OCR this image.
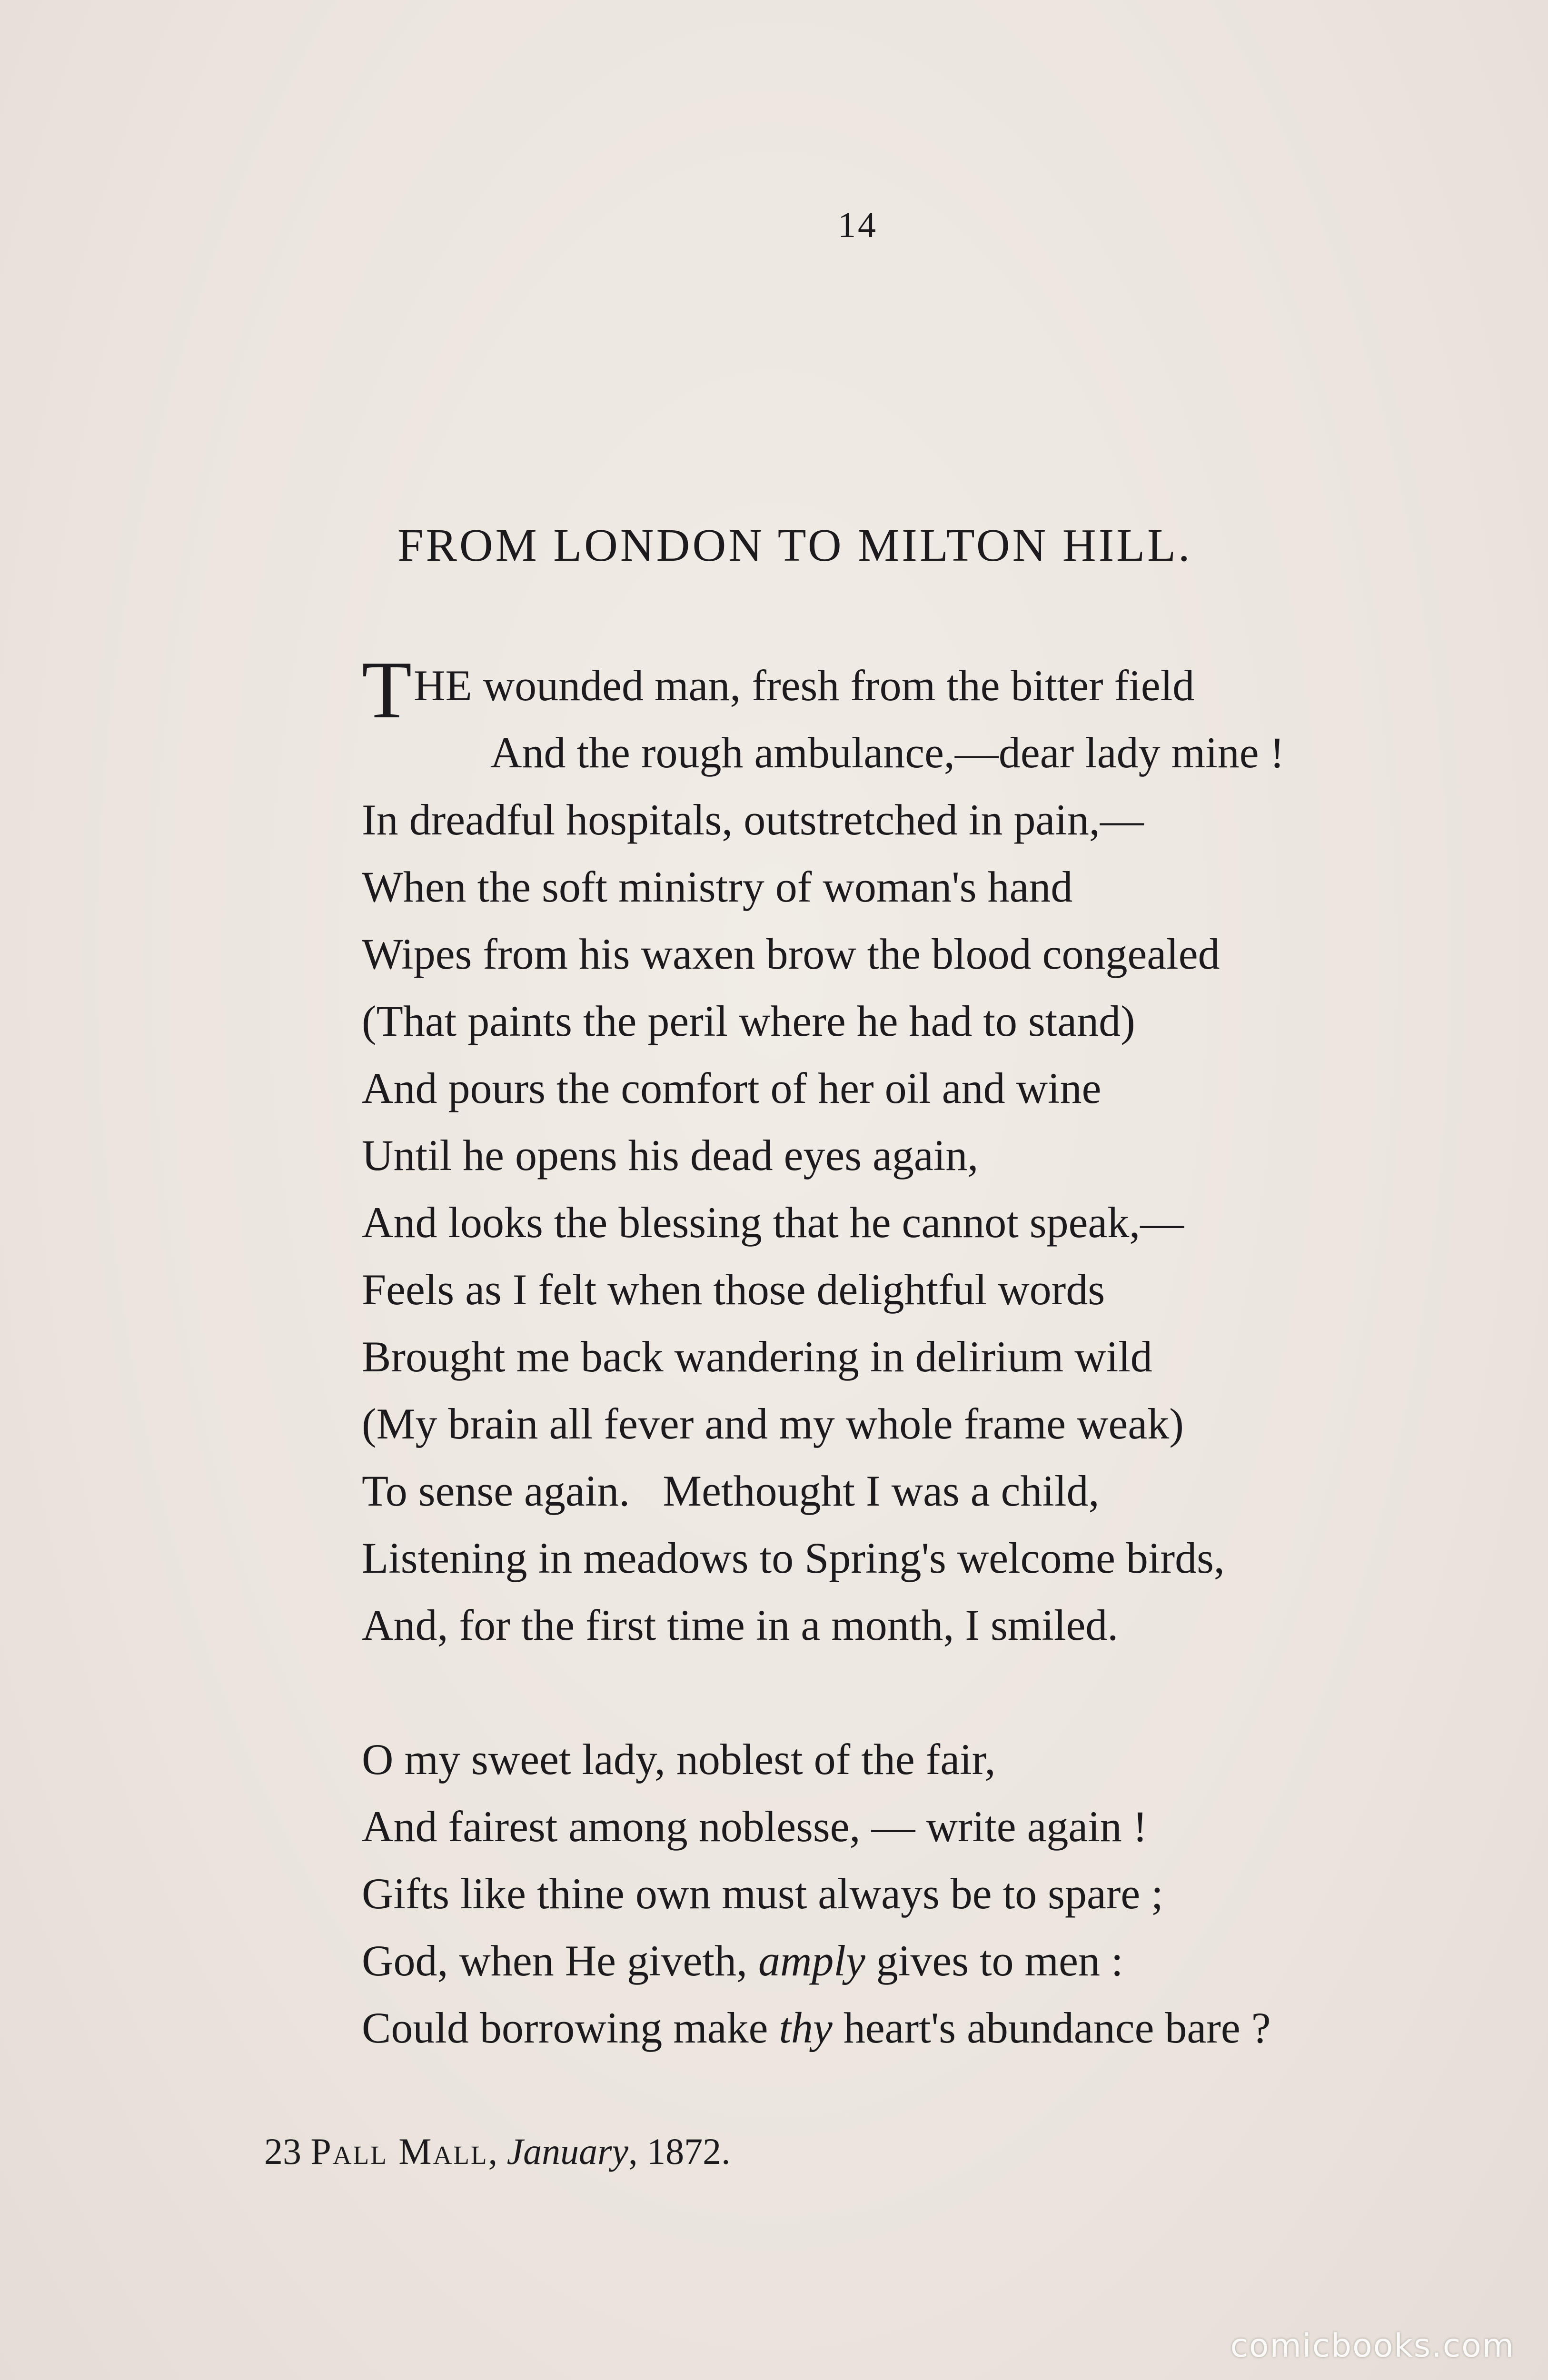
14
FROM LONDON TO MILTON HILL.
THE wounded man, fresh from the bitter field
And the rough ambulance,—dear lady mine !
In dreadful hospitals, outstretched in pain,—
When the soft ministry of woman's hand
Wipes from his waxen brow the blood congealed
(That paints the peril where he had to stand)
And pours the comfort of her oil and wine
Until he opens his dead eyes again,
And looks the blessing that he cannot speak,—
Feels as I felt when those delightful words
Brought me back wandering in delirium wild
(My brain all fever and my whole frame weak)
To sense again.   Methought I was a child,
Listening in meadows to Spring's welcome birds,
And, for the first time in a month, I smiled.
O my sweet lady, noblest of the fair,
And fairest among noblesse, — write again !
Gifts like thine own must always be to spare ;
God, when He giveth, amply gives to men :
Could borrowing make thy heart's abundance bare ?
23 Pall Mall, January, 1872.
comicbooks.com
